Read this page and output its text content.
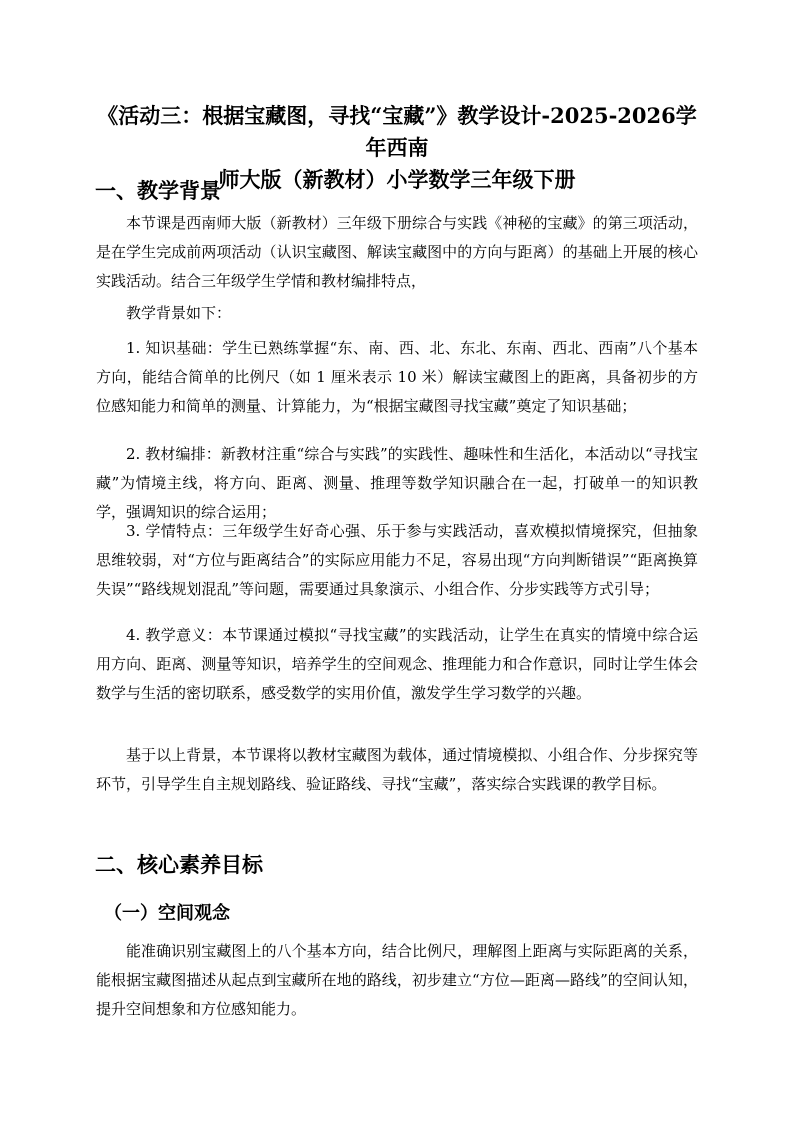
《活动三：根据宝藏图，寻找“宝藏”》教学设计-2025-2026学年西南
师大版（新教材）小学数学三年级下册
一、教学背景

本节课是西南师大版（新教材）三年级下册综合与实践《神秘的宝藏》的第三项活动，是在学生完成前两项活动（认识宝藏图、解读宝藏图中的方向与距离）的基础上开展的核心实践活动。结合三年级学生学情和教材编排特点，

教学背景如下：

1. 知识基础：学生已熟练掌握“东、南、西、北、东北、东南、西北、西南”八个基本方向，能结合简单的比例尺（如 1 厘米表示 10 米）解读宝藏图上的距离，具备初步的方位感知能力和简单的测量、计算能力，为“根据宝藏图寻找宝藏”奠定了知识基础；

2. 教材编排：新教材注重“综合与实践”的实践性、趣味性和生活化，本活动以“寻找宝藏”为情境主线，将方向、距离、测量、推理等数学知识融合在一起，打破单一的知识教学，强调知识的综合运用；

3. 学情特点：三年级学生好奇心强、乐于参与实践活动，喜欢模拟情境探究，但抽象思维较弱，对“方位与距离结合”的实际应用能力不足，容易出现“方向判断错误”“距离换算失误”“路线规划混乱”等问题，需要通过具象演示、小组合作、分步实践等方式引导；

4. 教学意义：本节课通过模拟“寻找宝藏”的实践活动，让学生在真实的情境中综合运用方向、距离、测量等知识，培养学生的空间观念、推理能力和合作意识，同时让学生体会数学与生活的密切联系，感受数学的实用价值，激发学生学习数学的兴趣。

基于以上背景，本节课将以教材宝藏图为载体，通过情境模拟、小组合作、分步探究等环节，引导学生自主规划路线、验证路线、寻找“宝藏”，落实综合实践课的教学目标。

二、核心素养目标
（一）空间观念

能准确识别宝藏图上的八个基本方向，结合比例尺，理解图上距离与实际距离的关系，能根据宝藏图描述从起点到宝藏所在地的路线，初步建立“方位—距离—路线”的空间认知，提升空间想象和方位感知能力。
